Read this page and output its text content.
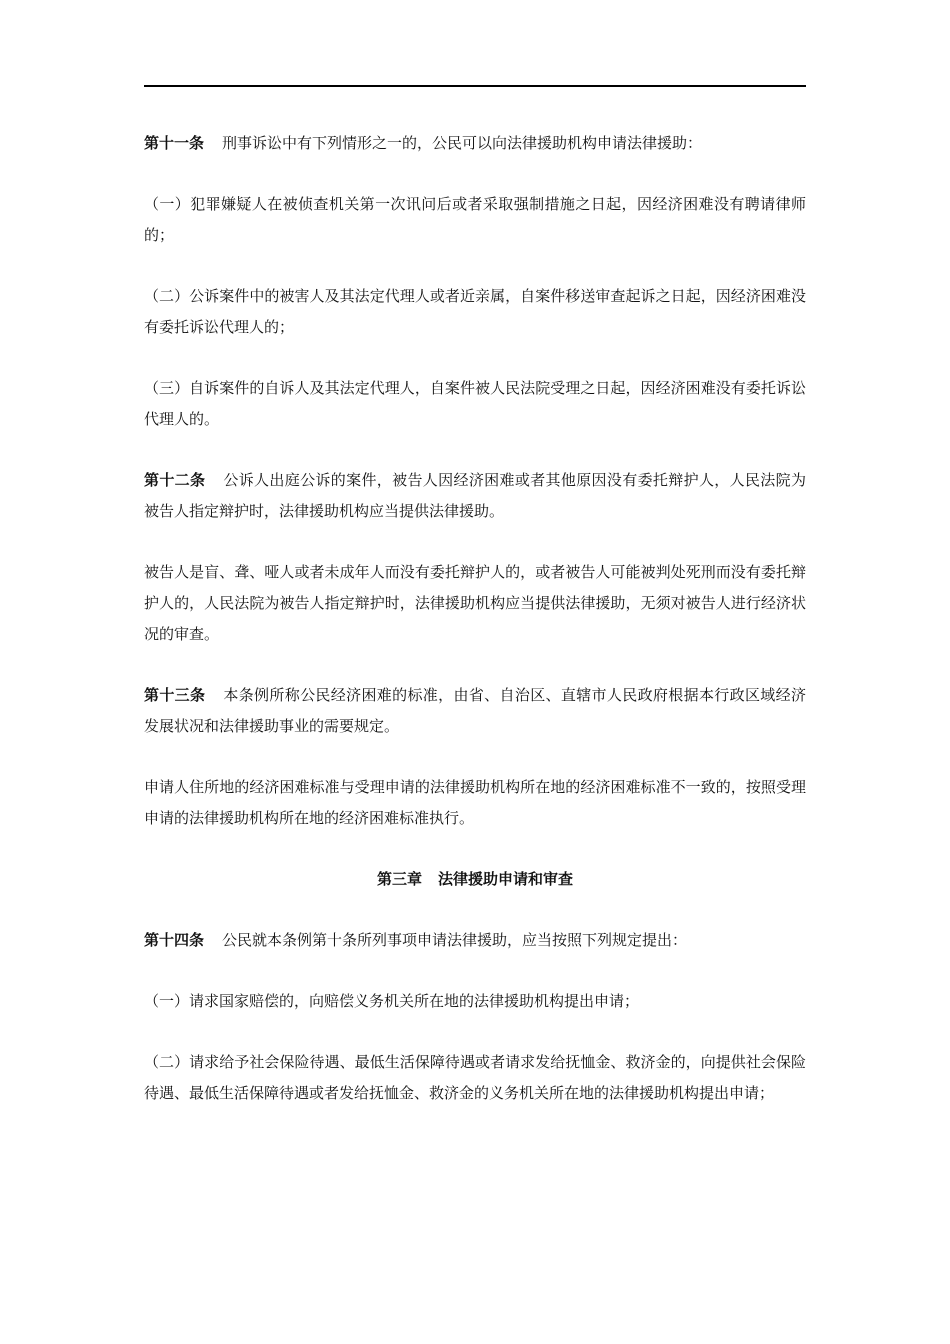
第十一条 刑事诉讼中有下列情形之一的，公民可以向法律援助机构申请法律援助：

（一）犯罪嫌疑人在被侦查机关第一次讯问后或者采取强制措施之日起，因经济困难没有聘请律师的；

（二）公诉案件中的被害人及其法定代理人或者近亲属，自案件移送审查起诉之日起，因经济困难没有委托诉讼代理人的；

（三）自诉案件的自诉人及其法定代理人，自案件被人民法院受理之日起，因经济困难没有委托诉讼代理人的。

第十二条 公诉人出庭公诉的案件，被告人因经济困难或者其他原因没有委托辩护人，人民法院为被告人指定辩护时，法律援助机构应当提供法律援助。

被告人是盲、聋、哑人或者未成年人而没有委托辩护人的，或者被告人可能被判处死刑而没有委托辩护人的，人民法院为被告人指定辩护时，法律援助机构应当提供法律援助，无须对被告人进行经济状况的审查。

第十三条 本条例所称公民经济困难的标准，由省、自治区、直辖市人民政府根据本行政区域经济发展状况和法律援助事业的需要规定。

申请人住所地的经济困难标准与受理申请的法律援助机构所在地的经济困难标准不一致的，按照受理申请的法律援助机构所在地的经济困难标准执行。

第三章 法律援助申请和审查

第十四条 公民就本条例第十条所列事项申请法律援助，应当按照下列规定提出：

（一）请求国家赔偿的，向赔偿义务机关所在地的法律援助机构提出申请；

（二）请求给予社会保险待遇、最低生活保障待遇或者请求发给抚恤金、救济金的，向提供社会保险待遇、最低生活保障待遇或者发给抚恤金、救济金的义务机关所在地的法律援助机构提出申请；
